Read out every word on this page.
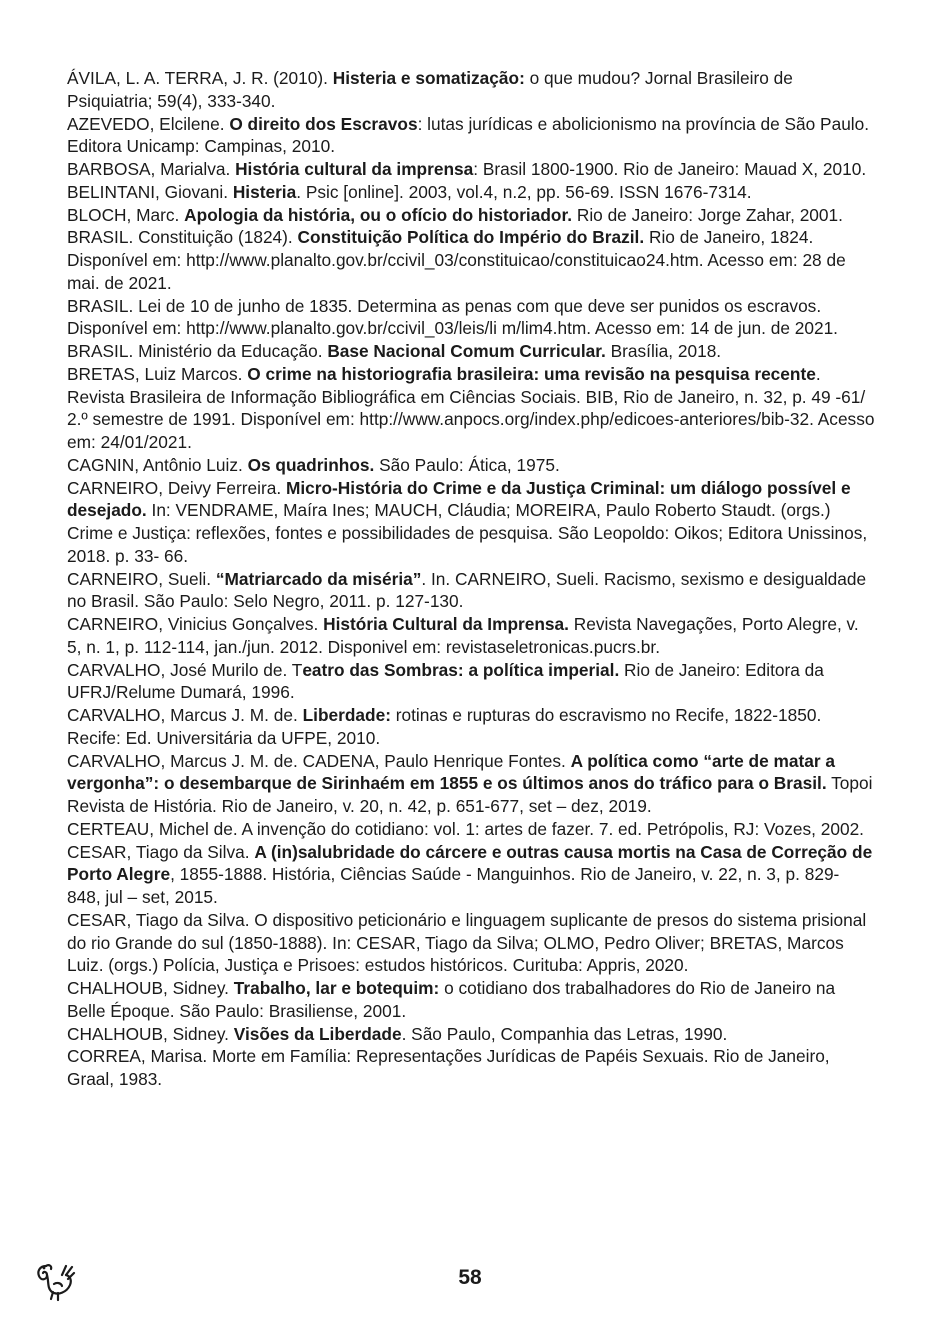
ÁVILA, L. A. TERRA, J. R. (2010). Histeria e somatização: o que mudou? Jornal Brasileiro de Psiquiatria; 59(4), 333-340.

AZEVEDO, Elcilene. O direito dos Escravos: lutas jurídicas e abolicionismo na província de São Paulo. Editora Unicamp: Campinas, 2010.

BARBOSA, Marialva. História cultural da imprensa: Brasil 1800-1900. Rio de Janeiro: Mauad X, 2010.

BELINTANI, Giovani. Histeria. Psic [online]. 2003, vol.4, n.2, pp. 56-69. ISSN 1676-7314.

BLOCH, Marc. Apologia da história, ou o ofício do historiador. Rio de Janeiro: Jorge Zahar, 2001.

BRASIL. Constituição (1824). Constituição Política do Império do Brazil. Rio de Janeiro, 1824. Disponível em: http://www.planalto.gov.br/ccivil_03/constituicao/constituicao24.htm. Acesso em: 28 de mai. de 2021.

BRASIL. Lei de 10 de junho de 1835. Determina as penas com que deve ser punidos os escravos. Disponível em: http://www.planalto.gov.br/ccivil_03/leis/li m/lim4.htm. Acesso em: 14 de jun. de 2021.

BRASIL. Ministério da Educação. Base Nacional Comum Curricular. Brasília, 2018.

BRETAS, Luiz Marcos. O crime na historiografia brasileira: uma revisão na pesquisa recente. Revista Brasileira de Informação Bibliográfica em Ciências Sociais. BIB, Rio de Janeiro, n. 32, p. 49 -61/ 2.º semestre de 1991. Disponível em: http://www.anpocs.org/index.php/edicoes-anteriores/bib-32. Acesso em: 24/01/2021.

CAGNIN, Antônio Luiz. Os quadrinhos. São Paulo: Ática, 1975.

CARNEIRO, Deivy Ferreira. Micro-História do Crime e da Justiça Criminal: um diálogo possível e desejado. In: VENDRAME, Maíra Ines; MAUCH, Cláudia; MOREIRA, Paulo Roberto Staudt. (orgs.) Crime e Justiça: reflexões, fontes e possibilidades de pesquisa. São Leopoldo: Oikos; Editora Unissinos, 2018. p. 33- 66.

CARNEIRO, Sueli. “Matriarcado da miséria”. In. CARNEIRO, Sueli. Racismo, sexismo e desigualdade no Brasil. São Paulo: Selo Negro, 2011. p. 127-130.

CARNEIRO, Vinicius Gonçalves. História Cultural da Imprensa. Revista Navegações, Porto Alegre, v. 5, n. 1, p. 112-114, jan./jun. 2012. Disponivel em: revistaseletronicas.pucrs.br.

CARVALHO, José Murilo de. Teatro das Sombras: a política imperial. Rio de Janeiro: Editora da UFRJ/Relume Dumará, 1996.

CARVALHO, Marcus J. M. de. Liberdade: rotinas e rupturas do escravismo no Recife, 1822-1850. Recife: Ed. Universitária da UFPE, 2010.

CARVALHO, Marcus J. M. de. CADENA, Paulo Henrique Fontes. A política como “arte de matar a vergonha”: o desembarque de Sirinhaém em 1855 e os últimos anos do tráfico para o Brasil. Topoi Revista de História. Rio de Janeiro, v. 20, n. 42, p. 651-677, set – dez, 2019.

CERTEAU, Michel de. A invenção do cotidiano: vol. 1: artes de fazer. 7. ed. Petrópolis, RJ: Vozes, 2002.

CESAR, Tiago da Silva. A (in)salubridade do cárcere e outras causa mortis na Casa de Correção de Porto Alegre, 1855-1888. História, Ciências Saúde - Manguinhos. Rio de Janeiro, v. 22, n. 3, p. 829- 848, jul – set, 2015.

CESAR, Tiago da Silva. O dispositivo peticionário e linguagem suplicante de presos do sistema prisional do rio Grande do sul (1850-1888). In: CESAR, Tiago da Silva; OLMO, Pedro Oliver; BRETAS, Marcos Luiz. (orgs.) Polícia, Justiça e Prisoes: estudos históricos. Curituba: Appris, 2020.

CHALHOUB, Sidney. Trabalho, lar e botequim: o cotidiano dos trabalhadores do Rio de Janeiro na Belle Époque. São Paulo: Brasiliense, 2001.

CHALHOUB, Sidney. Visões da Liberdade. São Paulo, Companhia das Letras, 1990.

CORREA, Marisa. Morte em Família: Representações Jurídicas de Papéis Sexuais. Rio de Janeiro, Graal, 1983.

58
